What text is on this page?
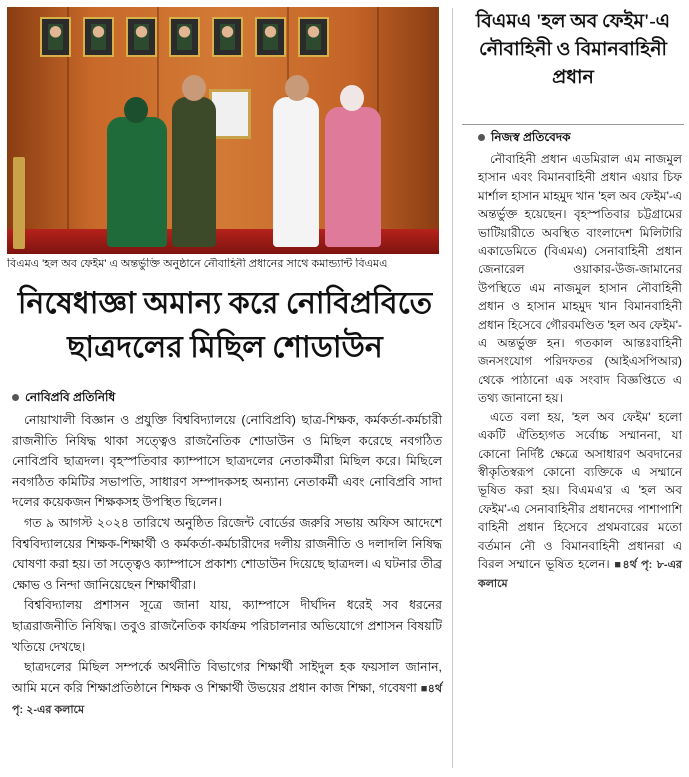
বিএমএ 'হল অব ফেইম' এ অন্তর্ভুক্তি অনুষ্ঠানে নৌবাহিনী প্রধানের সাথে কমান্ড্যান্ট বিএমএ
নিষেধাজ্ঞা অমান্য করে নোবিপ্রবিতে
ছাত্রদলের মিছিল শোডাউন
নোবিপ্রবি প্রতিনিধি

নোয়াখালী বিজ্ঞান ও প্রযুক্তি বিশ্ববিদ্যালয়ে (নোবিপ্রবি) ছাত্র-শিক্ষক, কর্মকর্তা-কর্মচারী রাজনীতি নিষিদ্ধ থাকা সত্ত্বেও রাজনৈতিক শোডাউন ও মিছিল করেছে নবগঠিত নোবিপ্রবি ছাত্রদল। বৃহস্পতিবার ক্যাম্পাসে ছাত্রদলের নেতাকর্মীরা মিছিল করে। মিছিলে নবগঠিত কমিটির সভাপতি, সাধারণ সম্পাদকসহ অন্যান্য নেতাকর্মী এবং নোবিপ্রবি সাদা দলের কয়েকজন শিক্ষকসহ উপস্থিত ছিলেন।

গত ৯ আগস্ট ২০২৪ তারিখে অনুষ্ঠিত রিজেন্ট বোর্ডের জরুরি সভায় অফিস আদেশে বিশ্ববিদ্যালয়ের শিক্ষক-শিক্ষার্থী ও কর্মকর্তা-কর্মচারীদের দলীয় রাজনীতি ও দলাদলি নিষিদ্ধ ঘোষণা করা হয়। তা সত্ত্বেও ক্যাম্পাসে প্রকাশ্য শোডাউন দিয়েছে ছাত্রদল। এ ঘটনার তীব্র ক্ষোভ ও নিন্দা জানিয়েছেন শিক্ষার্থীরা।

বিশ্ববিদ্যালয় প্রশাসন সূত্রে জানা যায়, ক্যাম্পাসে দীর্ঘদিন ধরেই সব ধরনের ছাত্ররাজনীতি নিষিদ্ধ। তবুও রাজনৈতিক কার্যক্রম পরিচালনার অভিযোগে প্রশাসন বিষয়টি খতিয়ে দেখছে।

ছাত্রদলের মিছিল সম্পর্কে অর্থনীতি বিভাগের শিক্ষার্থী সাইদুল হক ফয়সাল জানান, আমি মনে করি শিক্ষাপ্রতিষ্ঠানে শিক্ষক ও শিক্ষার্থী উভয়ের প্রধান কাজ শিক্ষা, গবেষণা ■৪র্থ পৃ: ২-এর কলামে

বিএমএ 'হল অব ফেইম'-এ
নৌবাহিনী ও বিমানবাহিনী
প্রধান
নিজস্ব প্রতিবেদক

নৌবাহিনী প্রধান এডমিরাল এম নাজমুল হাসান এবং বিমানবাহিনী প্রধান এয়ার চিফ মার্শাল হাসান মাহমুদ খান 'হল অব ফেইম'-এ অন্তর্ভুক্ত হয়েছেন। বৃহস্পতিবার চট্টগ্রামের ভাটিয়ারীতে অবস্থিত বাংলাদেশ মিলিটারি একাডেমিতে (বিএমএ) সেনাবাহিনী প্রধান জেনারেল ওয়াকার-উজ-জামানের উপস্থিতে এম নাজমুল হাসান নৌবাহিনী প্রধান ও হাসান মাহমুদ খান বিমানবাহিনী প্রধান হিসেবে গৌরবমণ্ডিত 'হল অব ফেইম'-এ অন্তর্ভুক্ত হন। গতকাল আন্তঃবাহিনী জনসংযোগ পরিদফতর (আইএসপিআর) থেকে পাঠানো এক সংবাদ বিজ্ঞপ্তিতে এ তথ্য জানানো হয়।

এতে বলা হয়, 'হল অব ফেইম' হলো একটি ঐতিহ্যগত সর্বোচ্চ সম্মাননা, যা কোনো নির্দিষ্ট ক্ষেত্রে অসাধারণ অবদানের স্বীকৃতিস্বরূপ কোনো ব্যক্তিকে এ সম্মানে ভূষিত করা হয়। বিএমএ'র এ 'হল অব ফেইম'-এ সেনাবাহিনীর প্রধানদের পাশাপাশি বাহিনী প্রধান হিসেবে প্রথমবারের মতো বর্তমান নৌ ও বিমানবাহিনী প্রধানরা এ বিরল সম্মানে ভূষিত হলেন। ■৪র্থ পৃ: ৮-এর কলামে
